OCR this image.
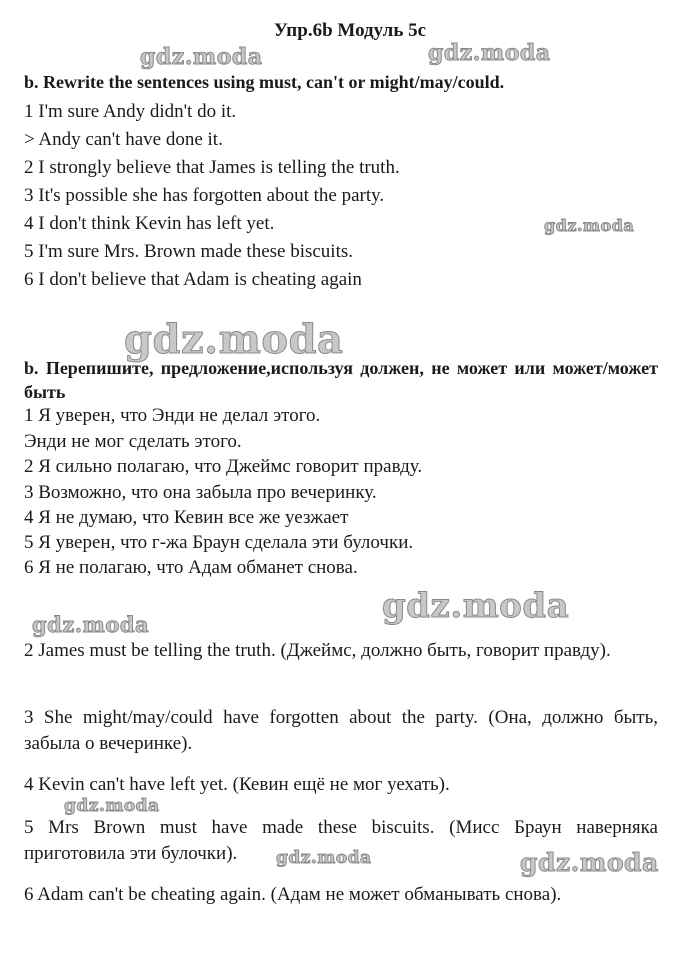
Упр.6b Модуль 5с
b. Rewrite the sentences using must, can't or might/may/could.
1 I'm sure Andy didn't do it.
> Andy can't have done it.
2 I strongly believe that James is telling the truth.
3 It's possible she has forgotten about the party.
4 I don't think Kevin has left yet.
5 I'm sure Mrs. Brown made these biscuits.
6 I don't believe that Adam is cheating again
b. Перепишите, предложение,используя должен, не может или может/может быть
1 Я уверен, что Энди не делал этого.
Энди не мог сделать этого.
2 Я сильно полагаю, что Джеймс говорит правду.
3 Возможно, что она забыла про вечеринку.
4 Я не думаю, что Кевин все же уезжает
5 Я уверен, что г-жа Браун сделала эти булочки.
6 Я не полагаю, что Адам обманет снова.
2 James must be telling the truth. (Джеймс, должно быть, говорит правду).
3 She might/may/could have forgotten about the party. (Она, должно быть, забыла о вечеринке).
4 Kevin can't have left yet. (Кевин ещё не мог уехать).
5 Mrs Brown must have made these biscuits. (Мисс Браун наверняка приготовила эти булочки).
6 Adam can't be cheating again. (Адам не может обманывать снова).
gdz.moda	gdz.moda
gdz.moda
gdz.moda
gdz.moda
gdz.moda
gdz.moda
gdz.moda	gdz.moda
